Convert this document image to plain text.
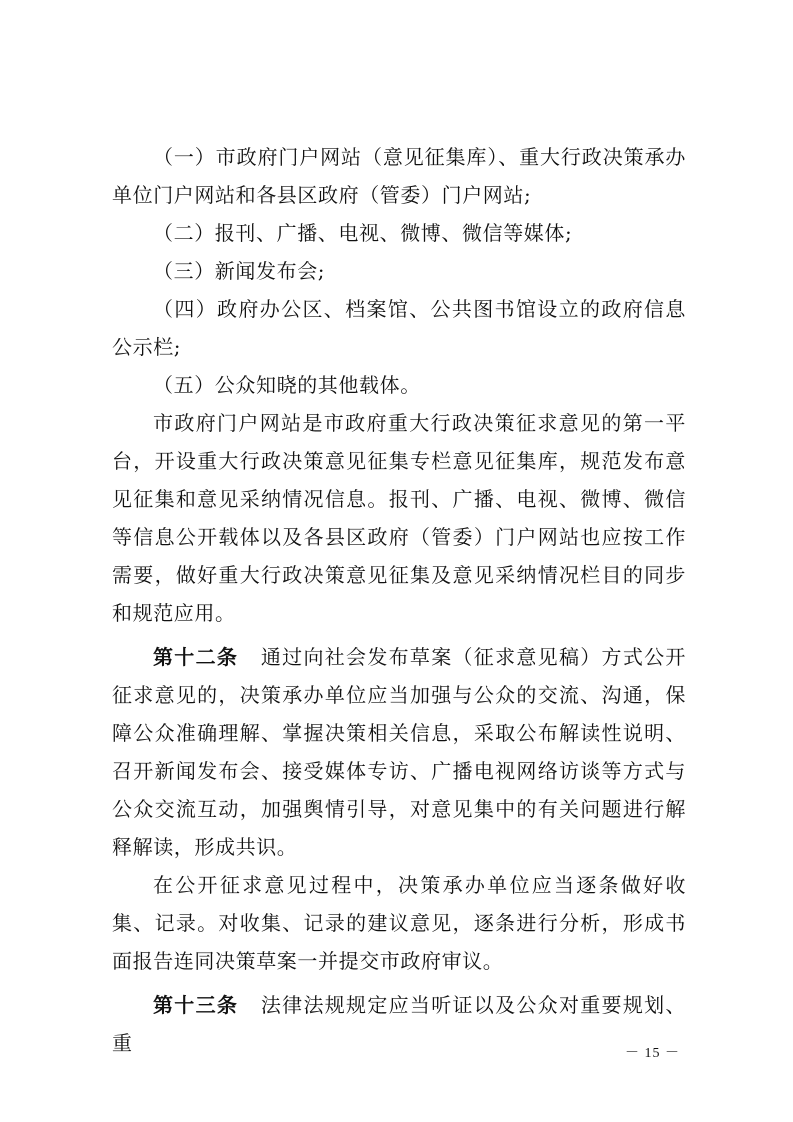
（一）市政府门户网站（意见征集库）、重大行政决策承办单位门户网站和各县区政府（管委）门户网站;

（二）报刊、广播、电视、微博、微信等媒体;

（三）新闻发布会;

（四）政府办公区、档案馆、公共图书馆设立的政府信息公示栏;

（五）公众知晓的其他载体。

市政府门户网站是市政府重大行政决策征求意见的第一平台，开设重大行政决策意见征集专栏意见征集库，规范发布意见征集和意见采纳情况信息。报刊、广播、电视、微博、微信等信息公开载体以及各县区政府（管委）门户网站也应按工作需要，做好重大行政决策意见征集及意见采纳情况栏目的同步和规范应用。

第十二条 通过向社会发布草案（征求意见稿）方式公开征求意见的，决策承办单位应当加强与公众的交流、沟通，保障公众准确理解、掌握决策相关信息，采取公布解读性说明、召开新闻发布会、接受媒体专访、广播电视网络访谈等方式与公众交流互动，加强舆情引导，对意见集中的有关问题进行解释解读，形成共识。

在公开征求意见过程中，决策承办单位应当逐条做好收集、记录。对收集、记录的建议意见，逐条进行分析，形成书面报告连同决策草案一并提交市政府审议。

第十三条 法律法规规定应当听证以及公众对重要规划、重	－ 15 －
